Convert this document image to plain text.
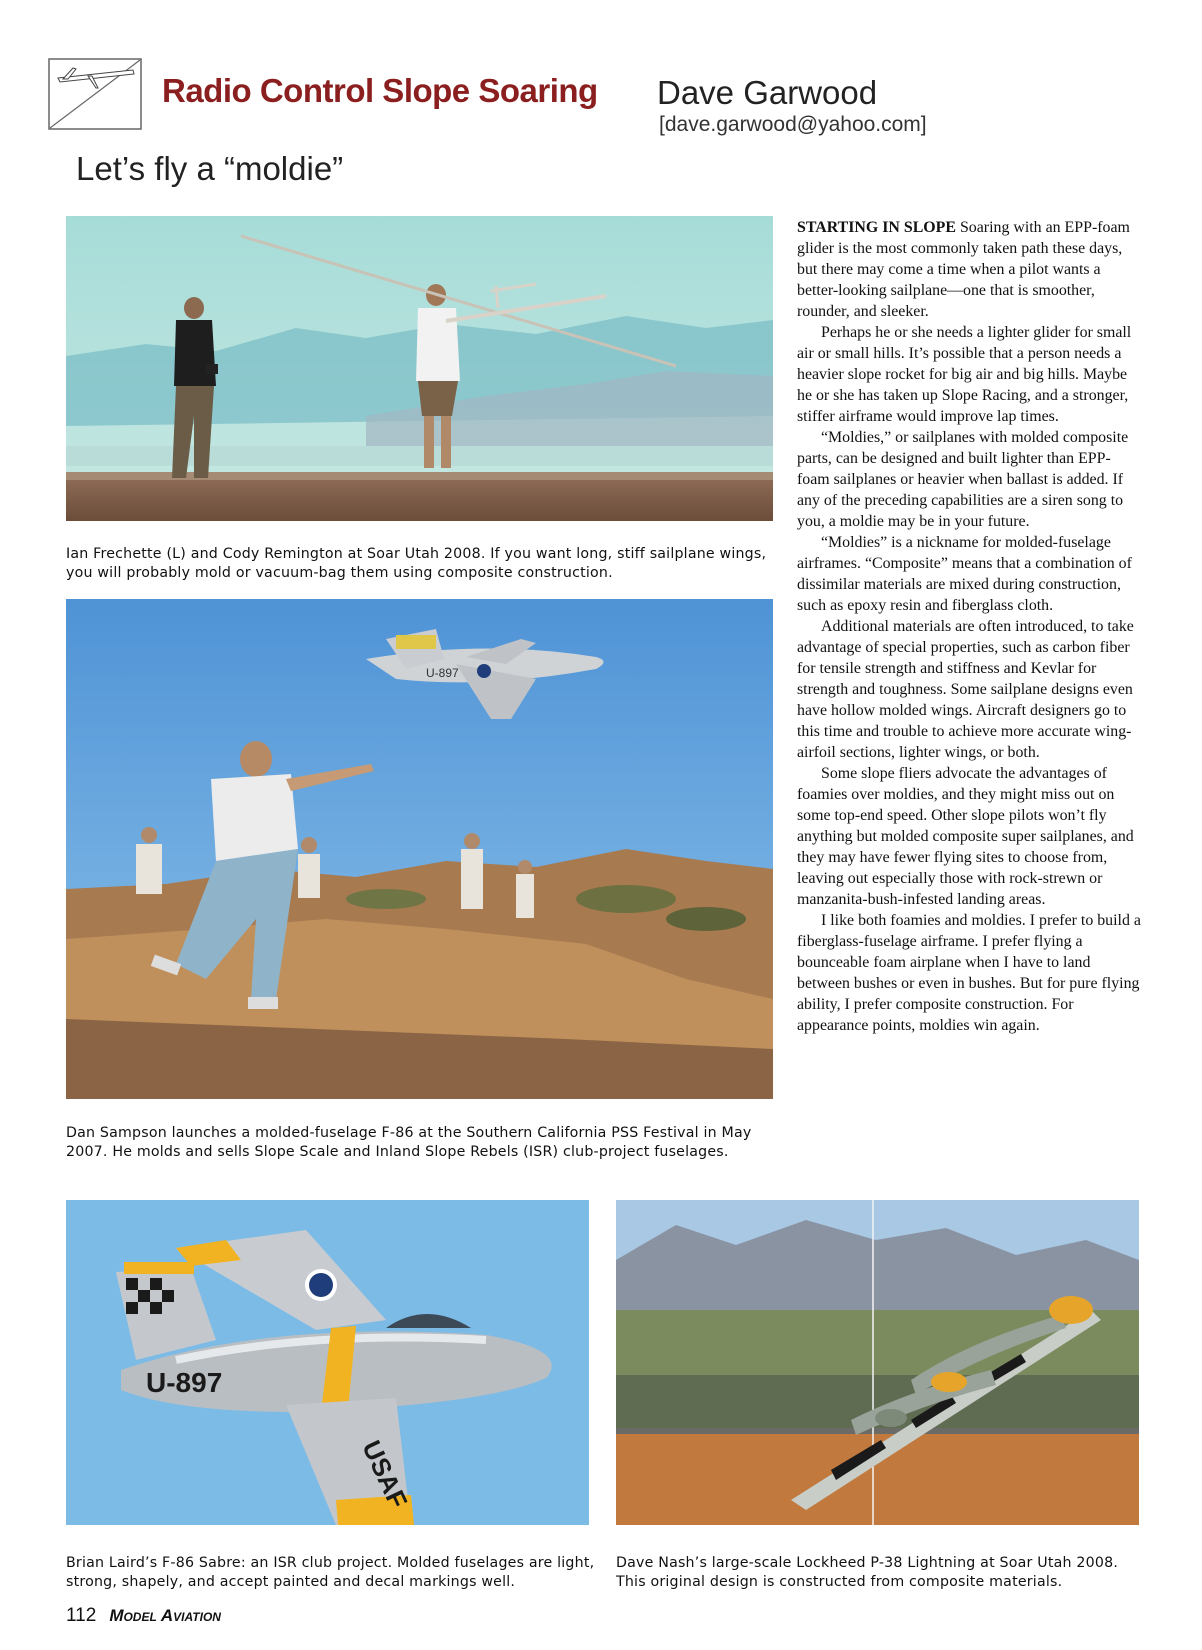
Radio Control Slope Soaring Dave Garwood
[dave.garwood@yahoo.com]
Let’s fly a “moldie”
Ian Frechette (L) and Cody Remington at Soar Utah 2008. If you want long, stiff sailplane wings, you will probably mold or vacuum-bag them using composite construction.
U-897
Dan Sampson launches a molded-fuselage F-86 at the Southern California PSS Festival in May 2007. He molds and sells Slope Scale and Inland Slope Rebels (ISR) club-project fuselages.
U-897
USAF
Brian Laird’s F-86 Sabre: an ISR club project. Molded fuselages are light, strong, shapely, and accept painted and decal markings well.
Dave Nash’s large-scale Lockheed P-38 Lightning at Soar Utah 2008. This original design is constructed from composite materials.

STARTING IN SLOPE Soaring with an EPP-foam glider is the most commonly taken path these days, but there may come a time when a pilot wants a better-looking sailplane—one that is smoother, rounder, and sleeker.

Perhaps he or she needs a lighter glider for small air or small hills. It’s possible that a person needs a heavier slope rocket for big air and big hills. Maybe he or she has taken up Slope Racing, and a stronger, stiffer airframe would improve lap times.

“Moldies,” or sailplanes with molded composite parts, can be designed and built lighter than EPP-foam sailplanes or heavier when ballast is added. If any of the preceding capabilities are a siren song to you, a moldie may be in your future.

“Moldies” is a nickname for molded-fuselage airframes. “Composite” means that a combination of dissimilar materials are mixed during construction, such as epoxy resin and fiberglass cloth.

Additional materials are often introduced, to take advantage of special properties, such as carbon fiber for tensile strength and stiffness and Kevlar for strength and toughness. Some sailplane designs even have hollow molded wings. Aircraft designers go to this time and trouble to achieve more accurate wing-airfoil sections, lighter wings, or both.

Some slope fliers advocate the advantages of foamies over moldies, and they might miss out on some top-end speed. Other slope pilots won’t fly anything but molded composite super sailplanes, and they may have fewer flying sites to choose from, leaving out especially those with rock-strewn or manzanita-bush-infested landing areas.

I like both foamies and moldies. I prefer to build a fiberglass-fuselage airframe. I prefer flying a bounceable foam airplane when I have to land between bushes or even in bushes. But for pure flying ability, I prefer composite construction. For appearance points, moldies win again.

112 Model Aviation
